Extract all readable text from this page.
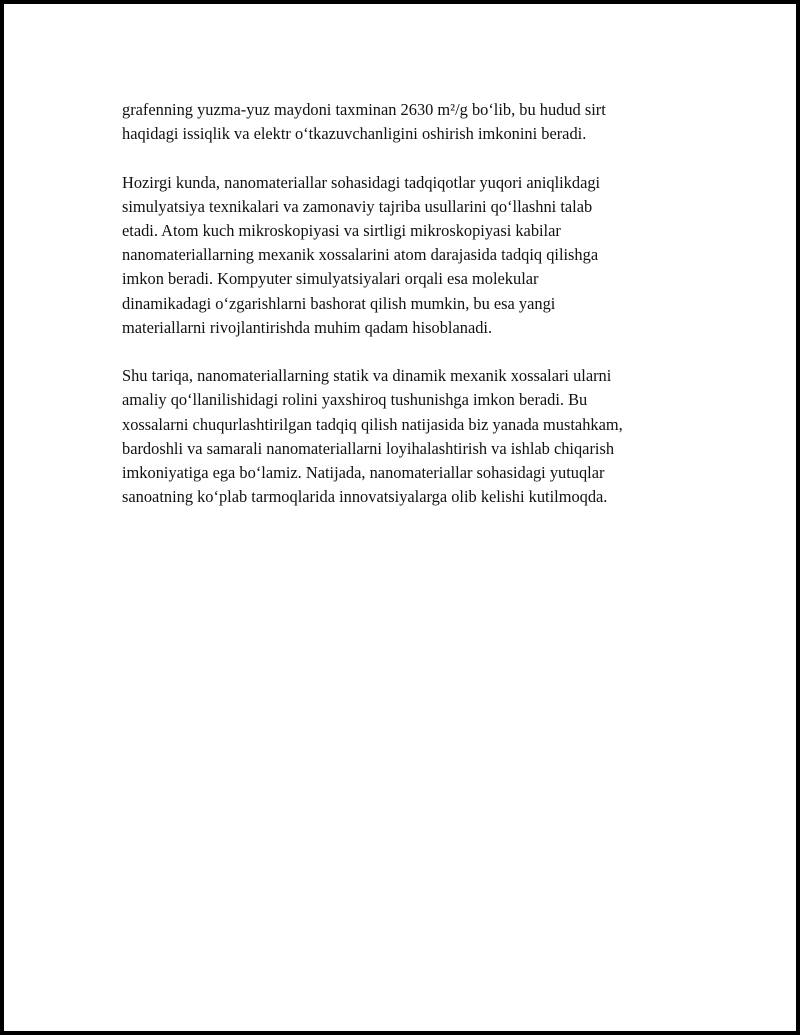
grafenning yuzma-yuz maydoni taxminan 2630 m²/g bo‘lib, bu hudud sirt
haqidagi issiqlik va elektr o‘tkazuvchanligini oshirish imkonini beradi.

Hozirgi kunda, nanomateriallar sohasidagi tadqiqotlar yuqori aniqlikdagi
simulyatsiya texnikalari va zamonaviy tajriba usullarini qo‘llashni talab
etadi. Atom kuch mikroskopiyasi va sirtligi mikroskopiyasi kabilar
nanomateriallarning mexanik xossalarini atom darajasida tadqiq qilishga
imkon beradi. Kompyuter simulyatsiyalari orqali esa molekular
dinamikadagi o‘zgarishlarni bashorat qilish mumkin, bu esa yangi
materiallarni rivojlantirishda muhim qadam hisoblanadi.

Shu tariqa, nanomateriallarning statik va dinamik mexanik xossalari ularni
amaliy qo‘llanilishidagi rolini yaxshiroq tushunishga imkon beradi. Bu
xossalarni chuqurlashtirilgan tadqiq qilish natijasida biz yanada mustahkam,
bardoshli va samarali nanomateriallarni loyihalashtirish va ishlab chiqarish
imkoniyatiga ega bo‘lamiz. Natijada, nanomateriallar sohasidagi yutuqlar
sanoatning ko‘plab tarmoqlarida innovatsiyalarga olib kelishi kutilmoqda.
